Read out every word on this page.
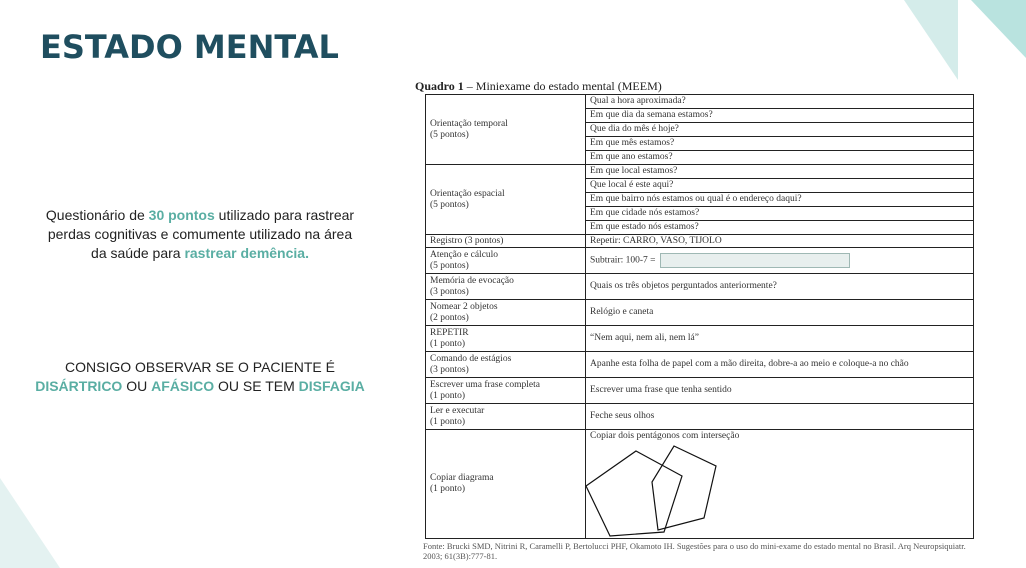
ESTADO MENTAL
Questionário de 30 pontos utilizado para rastrear perdas cognitivas e comumente utilizado na área da saúde para rastrear demência.
CONSIGO OBSERVAR SE O PACIENTE É DISÁRTRICO OU AFÁSICO OU SE TEM DISFAGIA
Quadro 1 – Miniexame do estado mental (MEEM)
Orientação temporal
(5 pontos)	Qual a hora aproximada?
	Em que dia da semana estamos?
	Que dia do mês é hoje?
	Em que mês estamos?
	Em que ano estamos?

Orientação espacial
(5 pontos)	Em que local estamos?
	Que local é este aqui?
	Em que bairro nós estamos ou qual é o endereço daqui?
	Em que cidade nós estamos?
	Em que estado nós estamos?
Registro (3 pontos)	Repetir: CARRO, VASO, TIJOLO

Atenção e cálculo
(5 pontos)	Subtrair: 100-7 =

Memória de evocação
(3 pontos)	Quais os três objetos perguntados anteriormente?

Nomear 2 objetos
(2 pontos)	Relógio e caneta

REPETIR
(1 ponto)	“Nem aqui, nem ali, nem lá”

Comando de estágios
(3 pontos)	Apanhe esta folha de papel com a mão direita, dobre-a ao meio e coloque-a no chão

Escrever uma frase completa
(1 ponto)	Escrever uma frase que tenha sentido

Ler e executar
(1 ponto)	Feche seus olhos

Copiar diagrama
(1 ponto)	Copiar dois pentágonos com interseção
Fonte: Brucki SMD, Nitrini R, Caramelli P, Bertolucci PHF, Okamoto IH. Sugestões para o uso do mini-exame do estado mental no Brasil. Arq Neuropsiquiatr. 2003; 61(3B):777-81.
